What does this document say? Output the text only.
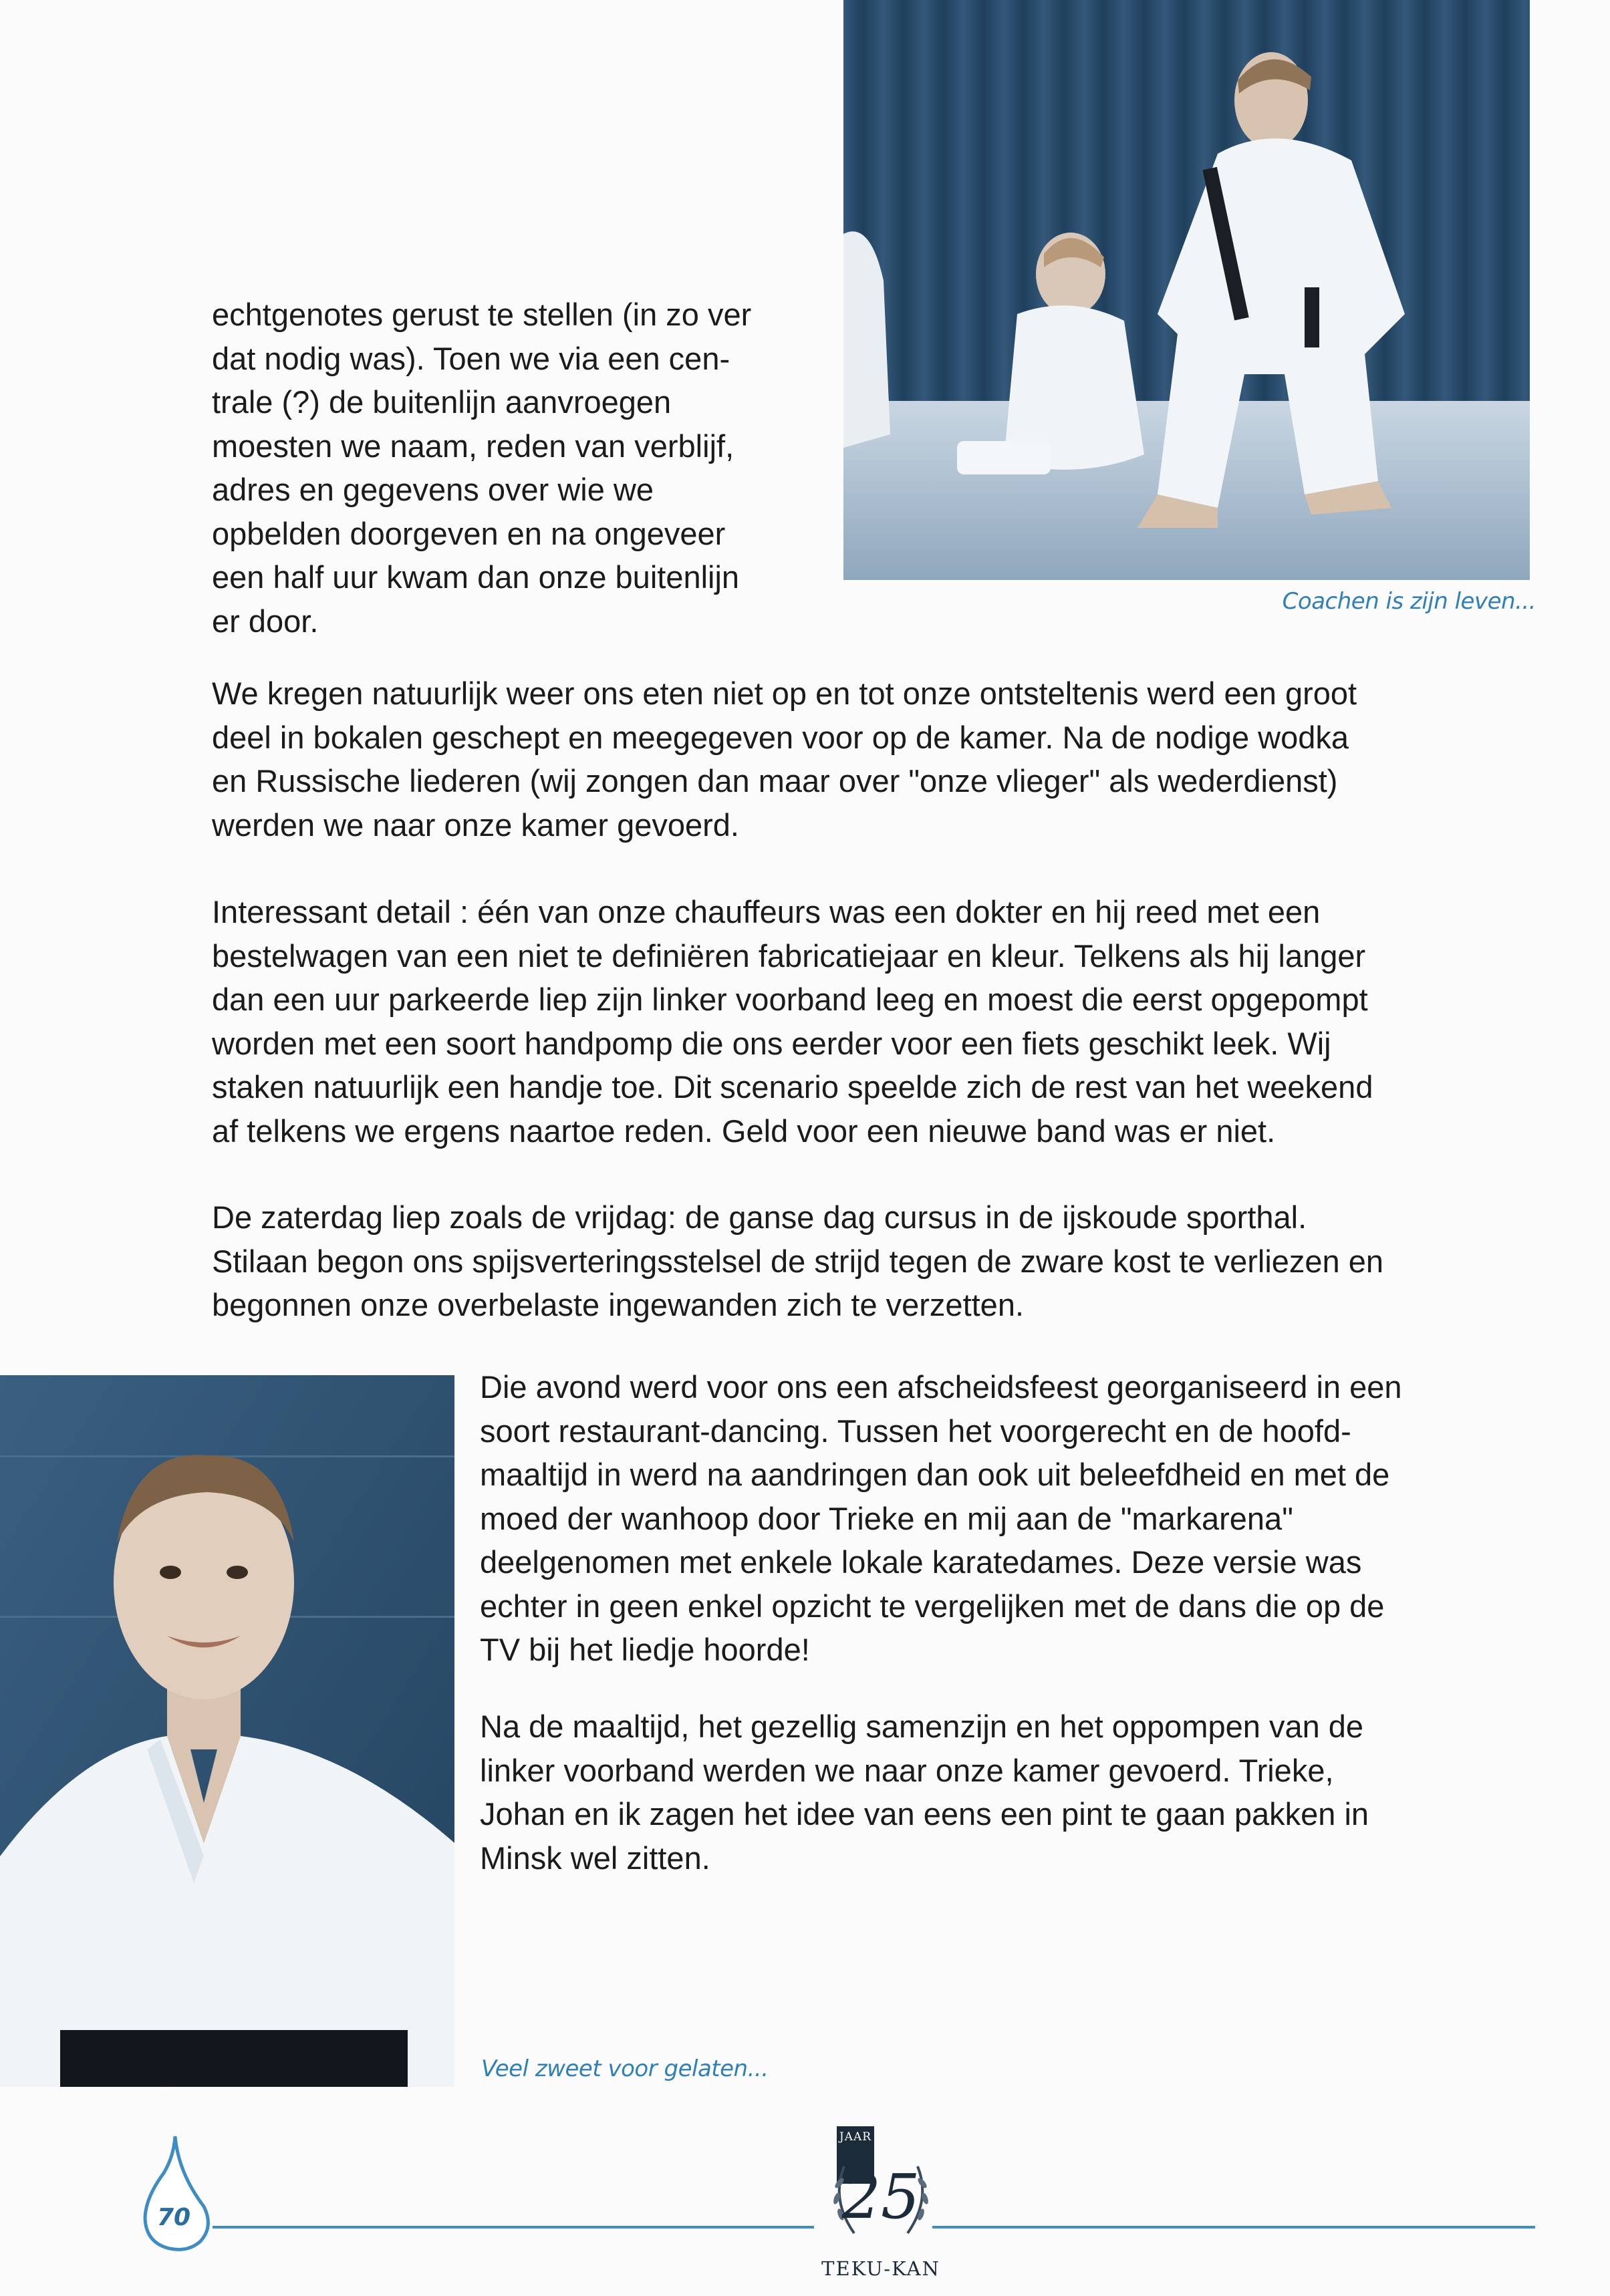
Coachen is zijn leven...

echtgenotes gerust te stellen (in zo ver
dat nodig was). Toen we via een cen-
trale (?) de buitenlijn aanvroegen
moesten we naam, reden van verblijf,
adres en gegevens over wie we
opbelden doorgeven en na ongeveer
een half uur kwam dan onze buitenlijn
er door.

We kregen natuurlijk weer ons eten niet op en tot onze ontsteltenis werd een groot
deel in bokalen geschept en meegegeven voor op de kamer. Na de nodige wodka
en Russische liederen (wij zongen dan maar over "onze vlieger" als wederdienst)
werden we naar onze kamer gevoerd.

Interessant detail : één van onze chauffeurs was een dokter en hij reed met een
bestelwagen van een niet te definiëren fabricatiejaar en kleur. Telkens als hij langer
dan een uur parkeerde liep zijn linker voorband leeg en moest die eerst opgepompt
worden met een soort handpomp die ons eerder voor een fiets geschikt leek. Wij
staken natuurlijk een handje toe. Dit scenario speelde zich de rest van het weekend
af telkens we ergens naartoe reden. Geld voor een nieuwe band was er niet.

De zaterdag liep zoals de vrijdag: de ganse dag cursus in de ijskoude sporthal.
Stilaan begon ons spijsverteringsstelsel de strijd tegen de zware kost te verliezen en
begonnen onze overbelaste ingewanden zich te verzetten.

Die avond werd voor ons een afscheidsfeest georganiseerd in een
soort restaurant-dancing. Tussen het voorgerecht en de hoofd-
maaltijd in werd na aandringen dan ook uit beleefdheid en met de
moed der wanhoop door Trieke en mij aan de "markarena"
deelgenomen met enkele lokale karatedames. Deze versie was
echter in geen enkel opzicht te vergelijken met de dans die op de
TV bij het liedje hoorde!

Na de maaltijd, het gezellig samenzijn en het oppompen van de
linker voorband werden we naar onze kamer gevoerd. Trieke,
Johan en ik zagen het idee van eens een pint te gaan pakken in
Minsk wel zitten.

Veel zweet voor gelaten...
70
JAAR
25
TEKU-KAN
